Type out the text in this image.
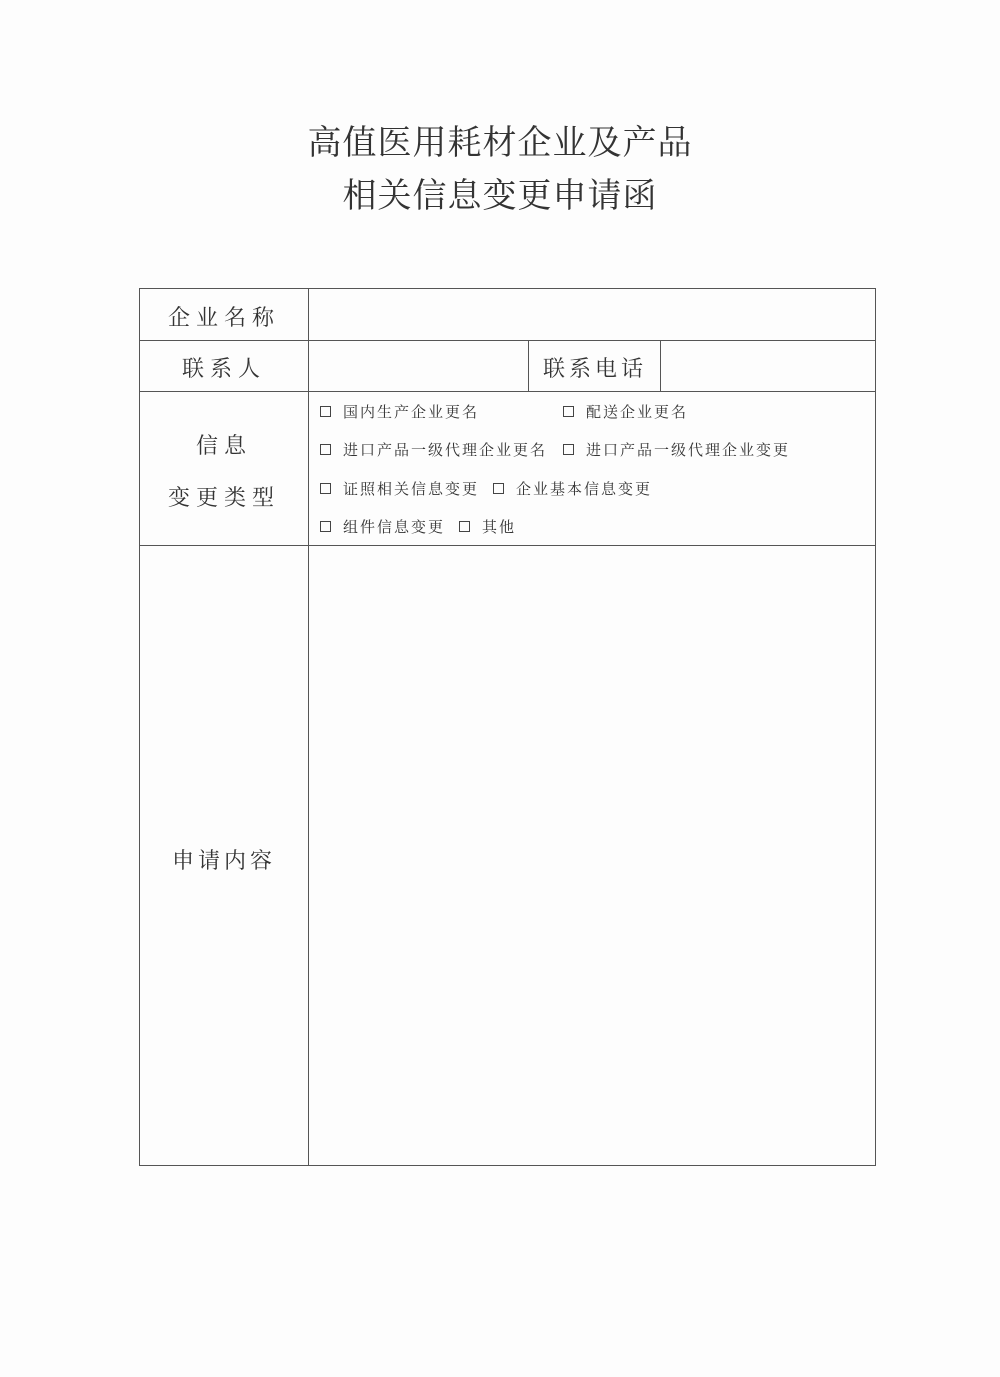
高值医用耗材企业及产品
相关信息变更申请函
企业名称
联系人	联系电话
信息
变更类型
国内生产企业更名	配送企业更名
进口产品一级代理企业更名	进口产品一级代理企业变更
证照相关信息变更 企业基本信息变更
组件信息变更 其他
申请内容
